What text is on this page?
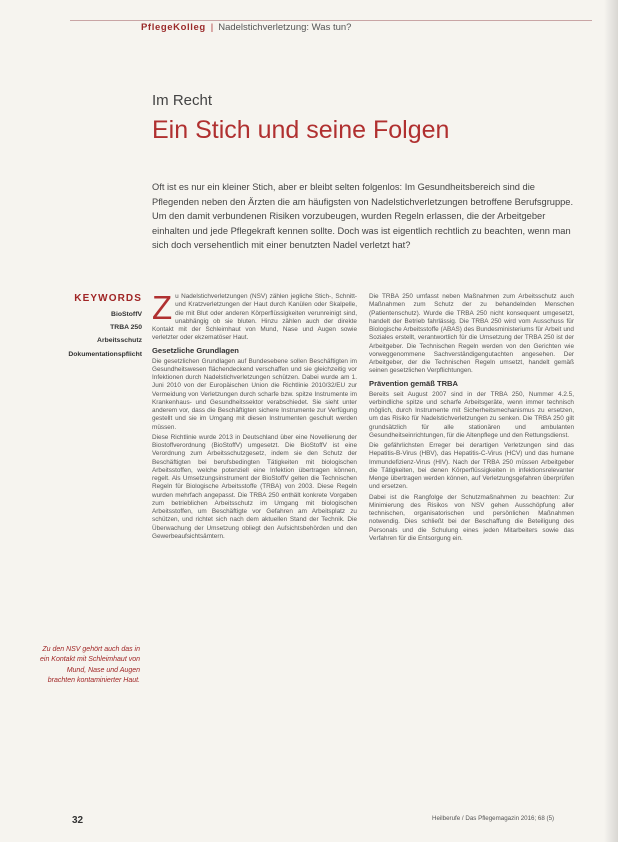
PflegeKolleg | Nadelstichverletzung: Was tun?
Im Recht
Ein Stich und seine Folgen
Oft ist es nur ein kleiner Stich, aber er bleibt selten folgenlos: Im Gesundheitsbereich sind die Pflegenden neben den Ärzten die am häufigsten von Nadelstichverletzungen betroffene Berufsgruppe. Um den damit verbundenen Risiken vorzubeugen, wurden Regeln erlassen, die der Arbeitgeber einhalten und jede Pflegekraft kennen sollte. Doch was ist eigentlich rechtlich zu beachten, wenn man sich doch versehentlich mit einer benutzten Nadel verletzt hat?
KEYWORDS
BioStoffV
TRBA 250
Arbeitsschutz
Dokumentationspflicht
Zu den NSV gehört auch das in ein Kontakt mit Schleimhaut von Mund, Nase und Augen brachten kontaminierter Haut.

Zu Nadelstichverletzungen (NSV) zählen jegliche Stich-, Schnitt- und Kratzverletzungen der Haut durch Kanülen oder Skalpelle, die mit Blut oder anderen Körperflüssigkeiten verunreinigt sind, unabhängig ob sie bluten. Hinzu zählen auch der direkte Kontakt mit der Schleimhaut von Mund, Nase und Augen sowie verletzter oder ekzematöser Haut.

Gesetzliche Grundlagen

Die gesetzlichen Grundlagen auf Bundesebene sollen Beschäftigten im Gesundheitswesen flächendeckend verschaffen und sie gleichzeitig vor Infektionen durch Nadelstichverletzungen schützen. Dabei wurde am 1. Juni 2010 von der Europäischen Union die Richtlinie 2010/32/EU zur Vermeidung von Verletzungen durch scharfe bzw. spitze Instrumente im Krankenhaus- und Gesundheitssektor verabschiedet. Sie sieht unter anderem vor, dass die Beschäftigten sichere Instrumente zur Verfügung gestellt und sie im Umgang mit diesen Instrumenten geschult werden müssen.

Diese Richtlinie wurde 2013 in Deutschland über eine Novellierung der Biostoffverordnung (BioStoffV) umgesetzt. Die BioStoffV ist eine Verordnung zum Arbeitsschutzgesetz, indem sie den Schutz der Beschäftigten bei berufsbedingten Tätigkeiten mit biologischen Arbeitsstoffen, welche potenziell eine Infektion übertragen können, regelt. Als Umsetzungsinstrument der BioStoffV gelten die Technischen Regeln für Biologische Arbeitsstoffe (TRBA) von 2003. Diese Regeln wurden mehrfach angepasst. Die TRBA 250 enthält konkrete Vorgaben zum betrieblichen Arbeitsschutz im Umgang mit biologischen Arbeitsstoffen, um Beschäftigte vor Gefahren am Arbeitsplatz zu schützen, und richtet sich nach dem aktuellen Stand der Technik. Die Überwachung der Umsetzung obliegt den Aufsichtsbehörden und den Gewerbeaufsichtsämtern.

Die TRBA 250 umfasst neben Maßnahmen zum Arbeitsschutz auch Maßnahmen zum Schutz der zu behandelnden Menschen (Patientenschutz). Wurde die TRBA 250 nicht konsequent umgesetzt, handelt der Betrieb fahrlässig. Die TRBA 250 wird vom Ausschuss für Biologische Arbeitsstoffe (ABAS) des Bundesministeriums für Arbeit und Soziales erstellt, verantwortlich für die Umsetzung der TRBA 250 ist der Arbeitgeber. Die Technischen Regeln werden von den Gerichten wie vorweggenommene Sachverständigengutachten angesehen. Der Arbeitgeber, der die Technischen Regeln umsetzt, handelt gemäß seinen gesetzlichen Verpflichtungen.

Prävention gemäß TRBA

Bereits seit August 2007 sind in der TRBA 250, Nummer 4.2.5, verbindliche spitze und scharfe Arbeitsgeräte, wenn immer technisch möglich, durch Instrumente mit Sicherheitsmechanismus zu ersetzen, um das Risiko für Nadelstichverletzungen zu senken. Die TRBA 250 gilt grundsätzlich für alle stationären und ambulanten Gesundheitseinrichtungen, für die Altenpflege und den Rettungsdienst.

Die gefährlichsten Erreger bei derartigen Verletzungen sind das Hepatitis-B-Virus (HBV), das Hepatitis-C-Virus (HCV) und das humane Immundefizienz-Virus (HIV). Nach der TRBA 250 müssen Arbeitgeber die Tätigkeiten, bei denen Körperflüssigkeiten in infektionsrelevanter Menge übertragen werden können, auf Verletzungsgefahren überprüfen und ersetzen.

Dabei ist die Rangfolge der Schutzmaßnahmen zu beachten: Zur Minimierung des Risikos von NSV gehen Ausschöpfung aller technischen, organisatorischen und persönlichen Maßnahmen notwendig. Dies schließt bei der Beschaffung die Beteiligung des Personals und die Schulung eines jeden Mitarbeiters sowie das Verfahren für die Entsorgung ein.

32	Heilberufe / Das Pflegemagazin 2016; 68 (5)
